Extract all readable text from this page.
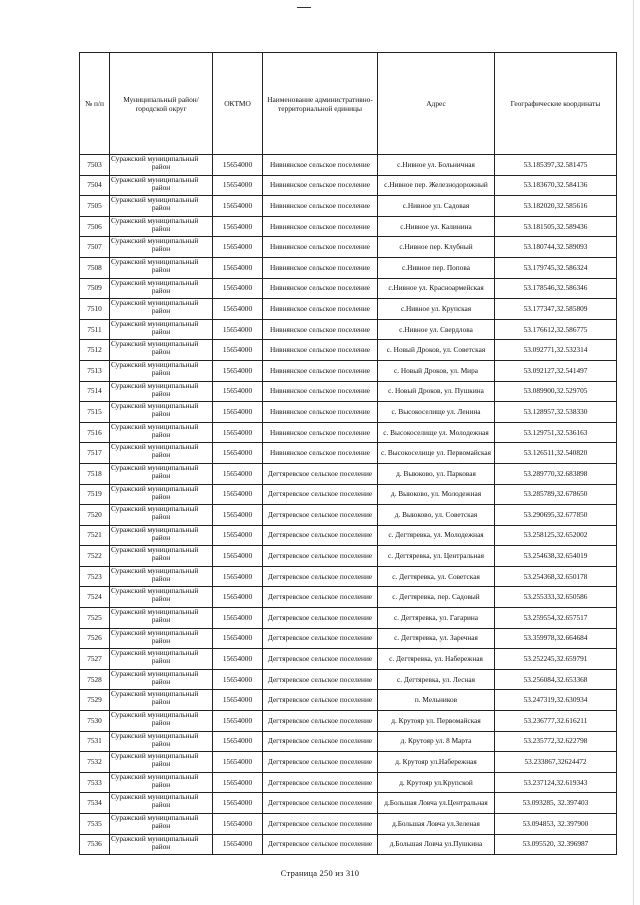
№ п/п	Муниципальный район/городской округ	ОКТМО	Наименование административно-территориальной единицы	Адрес	Географические координаты
7503	Суражский муниципальный
район	15654000	Нивнянское сельское поселение	с.Нивное ул. Больничная	53.185397,32.581475
7504	Суражский муниципальный
район	15654000	Нивнянское сельское поселение	с.Нивное пер. Железнодорожный	53.183670,32.584136
7505	Суражский муниципальный
район	15654000	Нивнянское сельское поселение	с.Нивное ул. Садовая	53.182020,32.585616
7506	Суражский муниципальный
район	15654000	Нивнянское сельское поселение	с.Нивное ул. Калинина	53.181505,32.589436
7507	Суражский муниципальный
район	15654000	Нивнянское сельское поселение	с.Нивное пер. Клубный	53.180744,32.589093
7508	Суражский муниципальный
район	15654000	Нивнянское сельское поселение	с.Нивное пер. Попова	53.179745,32.586324
7509	Суражский муниципальный
район	15654000	Нивнянское сельское поселение	с.Нивное ул. Красноармейская	53.178546,32.586346
7510	Суражский муниципальный
район	15654000	Нивнянское сельское поселение	с.Нивное ул. Крупская	53.177347,32.585809
7511	Суражский муниципальный
район	15654000	Нивнянское сельское поселение	с.Нивное ул. Свердлова	53.176612,32.586775
7512	Суражский муниципальный
район	15654000	Нивнянское сельское поселение	с. Новый Дроков, ул. Советская	53.092771,32.532314
7513	Суражский муниципальный
район	15654000	Нивнянское сельское поселение	с. Новый Дроков, ул. Мира	53.092127,32.541497
7514	Суражский муниципальный
район	15654000	Нивнянское сельское поселение	с. Новый Дроков, ул. Пушкина	53.089900,32.529705
7515	Суражский муниципальный
район	15654000	Нивнянское сельское поселение	с. Высокоселище ул. Ленина	53.128957,32.538330
7516	Суражский муниципальный
район	15654000	Нивнянское сельское поселение	с. Высокоселище ул. Молодежная	53.129751,32.536163
7517	Суражский муниципальный
район	15654000	Нивнянское сельское поселение	с. Высокоселище ул. Первомайская	53.126511,32.540820
7518	Суражский муниципальный
район	15654000	Дегтяревское сельское поселение	д. Выюково, ул. Парковая	53.289770,32.683898
7519	Суражский муниципальный
район	15654000	Дегтяревское сельское поселение	д. Выюково, ул. Молодежная	53.285789,32.678650
7520	Суражский муниципальный
район	15654000	Дегтяревское сельское поселение	д. Выюково, ул. Советская	53.290695,32.677850
7521	Суражский муниципальный
район	15654000	Дегтяревское сельское поселение	с. Дегтяревка, ул. Молодежная	53.258125,32.652002
7522	Суражский муниципальный
район	15654000	Дегтяревское сельское поселение	с. Дегтяревка, ул. Центральная	53.254638,32.654019
7523	Суражский муниципальный
район	15654000	Дегтяревское сельское поселение	с. Дегтяревка, ул. Советская	53.254368,32.650178
7524	Суражский муниципальный
район	15654000	Дегтяревское сельское поселение	с. Дегтяревка, пер. Садовый	53.255333,32.650586
7525	Суражский муниципальный
район	15654000	Дегтяревское сельское поселение	с. Дегтяревка, ул. Гагарина	53.259554,32.657517
7526	Суражский муниципальный
район	15654000	Дегтяревское сельское поселение	с. Дегтяревка, ул. Заречная	53.359978,32.664684
7527	Суражский муниципальный
район	15654000	Дегтяревское сельское поселение	с. Дегтяревка, ул. Набережная	53.252245,32.659791
7528	Суражский муниципальный
район	15654000	Дегтяревское сельское поселение	с. Дегтяревка, ул. Лесная	53.256084,32.653368
7529	Суражский муниципальный
район	15654000	Дегтяревское сельское поселение	п. Мельников	53.247319,32.630934
7530	Суражский муниципальный
район	15654000	Дегтяревское сельское поселение	д. Крутояр ул. Первомайская	53.236777,32.616211
7531	Суражский муниципальный
район	15654000	Дегтяревское сельское поселение	д. Крутояр ул. 8 Марта	53.235772,32.622798
7532	Суражский муниципальный
район	15654000	Дегтяревское сельское поселение	д. Крутояр ул.Набережная	53.233867,32624472
7533	Суражский муниципальный
район	15654000	Дегтяревское сельское поселение	д. Крутояр ул.Крупской	53.237124,32.619343
7534	Суражский муниципальный
район	15654000	Дегтяревское сельское поселение	д.Большая Ловча ул.Центральная	53.093285, 32.397403
7535	Суражский муниципальный
район	15654000	Дегтяревское сельское поселение	д.Большая Ловча ул.Зеленая	53.094853, 32.397900
7536	Суражский муниципальный
район	15654000	Дегтяревское сельское поселение	д.Большая Ловча ул.Пушкина	53.095520, 32.396987
Страница 250 из 310
